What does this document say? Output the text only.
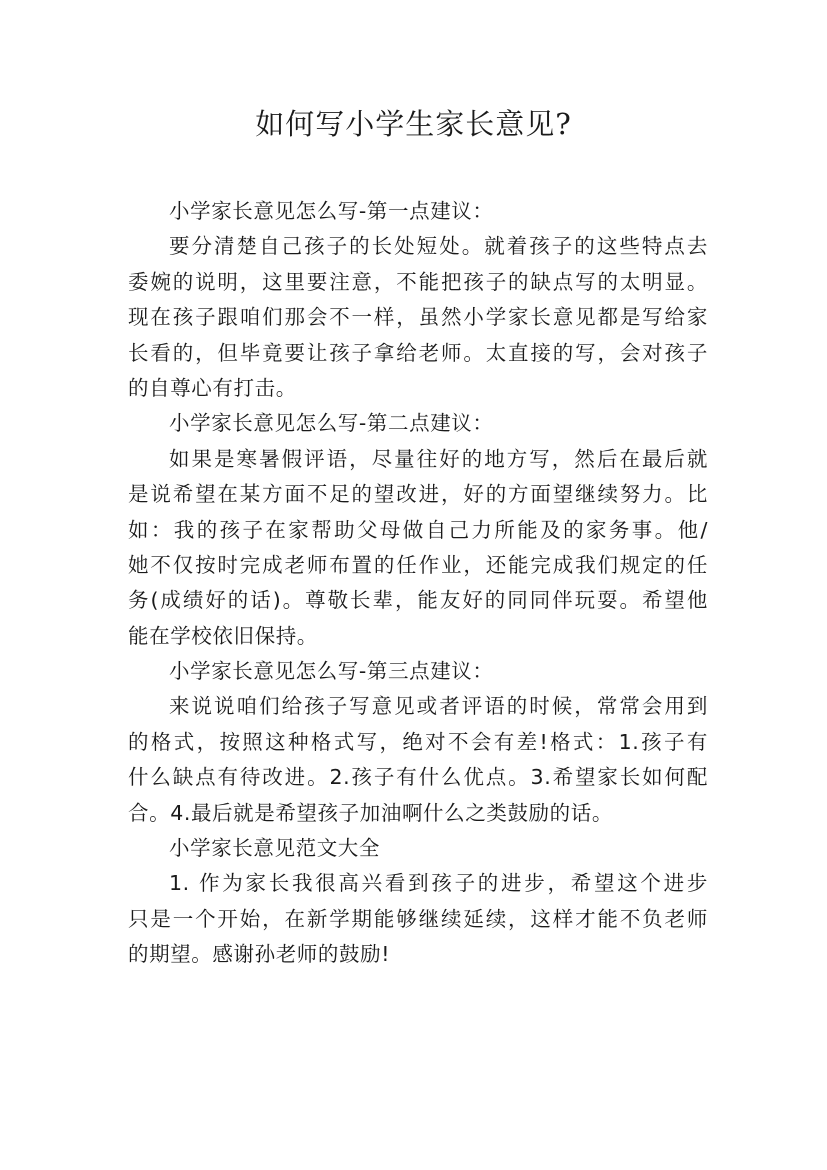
如何写小学生家长意见?
小学家长意见怎么写-第一点建议：
要分清楚自己孩子的长处短处。就着孩子的这些特点去
委婉的说明，这里要注意，不能把孩子的缺点写的太明显。
现在孩子跟咱们那会不一样，虽然小学家长意见都是写给家
长看的，但毕竟要让孩子拿给老师。太直接的写，会对孩子
的自尊心有打击。
小学家长意见怎么写-第二点建议：
如果是寒暑假评语，尽量往好的地方写，然后在最后就
是说希望在某方面不足的望改进，好的方面望继续努力。比
如：我的孩子在家帮助父母做自己力所能及的家务事。他/
她不仅按时完成老师布置的任作业，还能完成我们规定的任
务(成绩好的话)。尊敬长辈，能友好的同同伴玩耍。希望他
能在学校依旧保持。
小学家长意见怎么写-第三点建议：
来说说咱们给孩子写意见或者评语的时候，常常会用到
的格式，按照这种格式写，绝对不会有差!格式：1.孩子有
什么缺点有待改进。2.孩子有什么优点。3.希望家长如何配
合。4.最后就是希望孩子加油啊什么之类鼓励的话。
小学家长意见范文大全
1. 作为家长我很高兴看到孩子的进步，希望这个进步
只是一个开始，在新学期能够继续延续，这样才能不负老师
的期望。感谢孙老师的鼓励!
